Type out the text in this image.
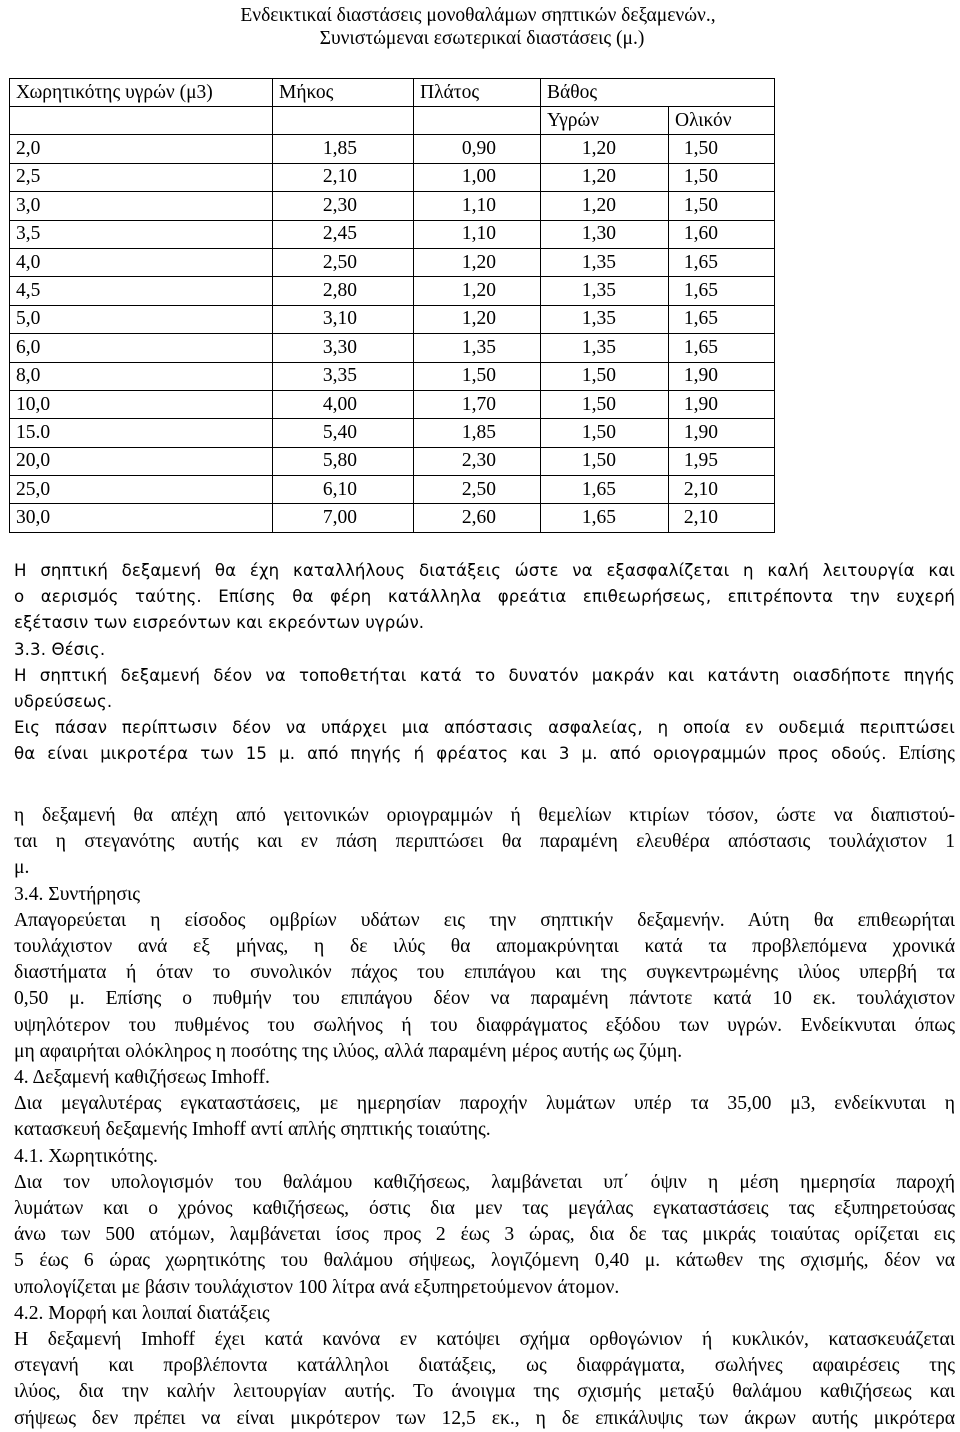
Ενδεικτικαί διαστάσεις μονοθαλάμων σηπτικών δεξαμενών.,
Συνιστώμεναι εσωτερικαί διαστάσεις (μ.)
Χωρητικότης υγρών (μ3)	Μήκος	Πλάτος	Βάθος	
			Υγρών	Ολικόν
2,0	1,85	0,90	1,20	1,50
2,5	2,10	1,00	1,20	1,50
3,0	2,30	1,10	1,20	1,50
3,5	2,45	1,10	1,30	1,60
4,0	2,50	1,20	1,35	1,65
4,5	2,80	1,20	1,35	1,65
5,0	3,10	1,20	1,35	1,65
6,0	3,30	1,35	1,35	1,65
8,0	3,35	1,50	1,50	1,90
10,0	4,00	1,70	1,50	1,90
15.0	5,40	1,85	1,50	1,90
20,0	5,80	2,30	1,50	1,95
25,0	6,10	2,50	1,65	2,10
30,0	7,00	2,60	1,65	2,10
Η σηπτική δεξαμενή θα έχη καταλλήλους διατάξεις ώστε να εξασφαλίζεται η καλή λειτουργία και
ο αερισμός ταύτης. Επίσης θα φέρη κατάλληλα φρεάτια επιθεωρήσεως, επιτρέποντα την ευχερή
εξέτασιν των εισρεόντων και εκρεόντων υγρών.
3.3. Θέσις.
Η σηπτική δεξαμενή δέον να τοποθετήται κατά το δυνατόν μακράν και κατάντη οιασδήποτε πηγής
υδρεύσεως.
Εις πάσαν περίπτωσιν δέον να υπάρχει μια απόστασις ασφαλείας, η οποία εν ουδεμιά περιπτώσει
θα είναι μικροτέρα των 15 μ. από πηγής ή φρέατος και 3 μ. από οριογραμμών προς οδούς. Επίσης
η δεξαμενή θα απέχη από γειτονικών οριογραμμών ή θεμελίων κτιρίων τόσον, ώστε να διαπιστού-
ται η στεγανότης αυτής και εν πάση περιπτώσει θα παραμένη ελευθέρα απόστασις τουλάχιστον 1
μ.
3.4. Συντήρησις
Απαγορεύεται η είσοδος ομβρίων υδάτων εις την σηπτικήν δεξαμενήν. Αύτη θα επιθεωρήται
τουλάχιστον ανά εξ μήνας, η δε ιλύς θα απομακρύνηται κατά τα προβλεπόμενα χρονικά
διαστήματα ή όταν το συνολικόν πάχος του επιπάγου και της συγκεντρωμένης ιλύος υπερβή τα
0,50 μ. Επίσης ο πυθμήν του επιπάγου δέον να παραμένη πάντοτε κατά 10 εκ. τουλάχιστον
υψηλότερον του πυθμένος του σωλήνος ή του διαφράγματος εξόδου των υγρών. Ενδείκνυται όπως
μη αφαιρήται ολόκληρος η ποσότης της ιλύος, αλλά παραμένη μέρος αυτής ως ζύμη.
4. Δεξαμενή καθιζήσεως Imhoff.
Δια μεγαλυτέρας εγκαταστάσεις, με ημερησίαν παροχήν λυμάτων υπέρ τα 35,00 μ3, ενδείκνυται η
κατασκευή δεξαμενής Imhoff αντί απλής σηπτικής τοιαύτης.
4.1. Χωρητικότης.
Δια τον υπολογισμόν του θαλάμου καθιζήσεως, λαμβάνεται υπ΄ όψιν η μέση ημερησία παροχή
λυμάτων και ο χρόνος καθιζήσεως, όστις δια μεν τας μεγάλας εγκαταστάσεις τας εξυπηρετούσας
άνω των 500 ατόμων, λαμβάνεται ίσος προς 2 έως 3 ώρας, δια δε τας μικράς τοιαύτας ορίζεται εις
5 έως 6 ώρας χωρητικότης του θαλάμου σήψεως, λογιζόμενη 0,40 μ. κάτωθεν της σχισμής, δέον να
υπολογίζεται με βάσιν τουλάχιστον 100 λίτρα ανά εξυπηρετούμενον άτομον.
4.2. Μορφή και λοιπαί διατάξεις
Η δεξαμενή Imhoff έχει κατά κανόνα εν κατόψει σχήμα ορθογώνιον ή κυκλικόν, κατασκευάζεται
στεγανή και προβλέποντα κατάλληλοι διατάξεις, ως διαφράγματα, σωλήνες αφαιρέσεις της
ιλύος, δια την καλήν λειτουργίαν αυτής. Το άνοιγμα της σχισμής μεταξύ θαλάμου καθιζήσεως και
σήψεως δεν πρέπει να είναι μικρότερον των 12,5 εκ., η δε επικάλυψις των άκρων αυτής μικρότερα
